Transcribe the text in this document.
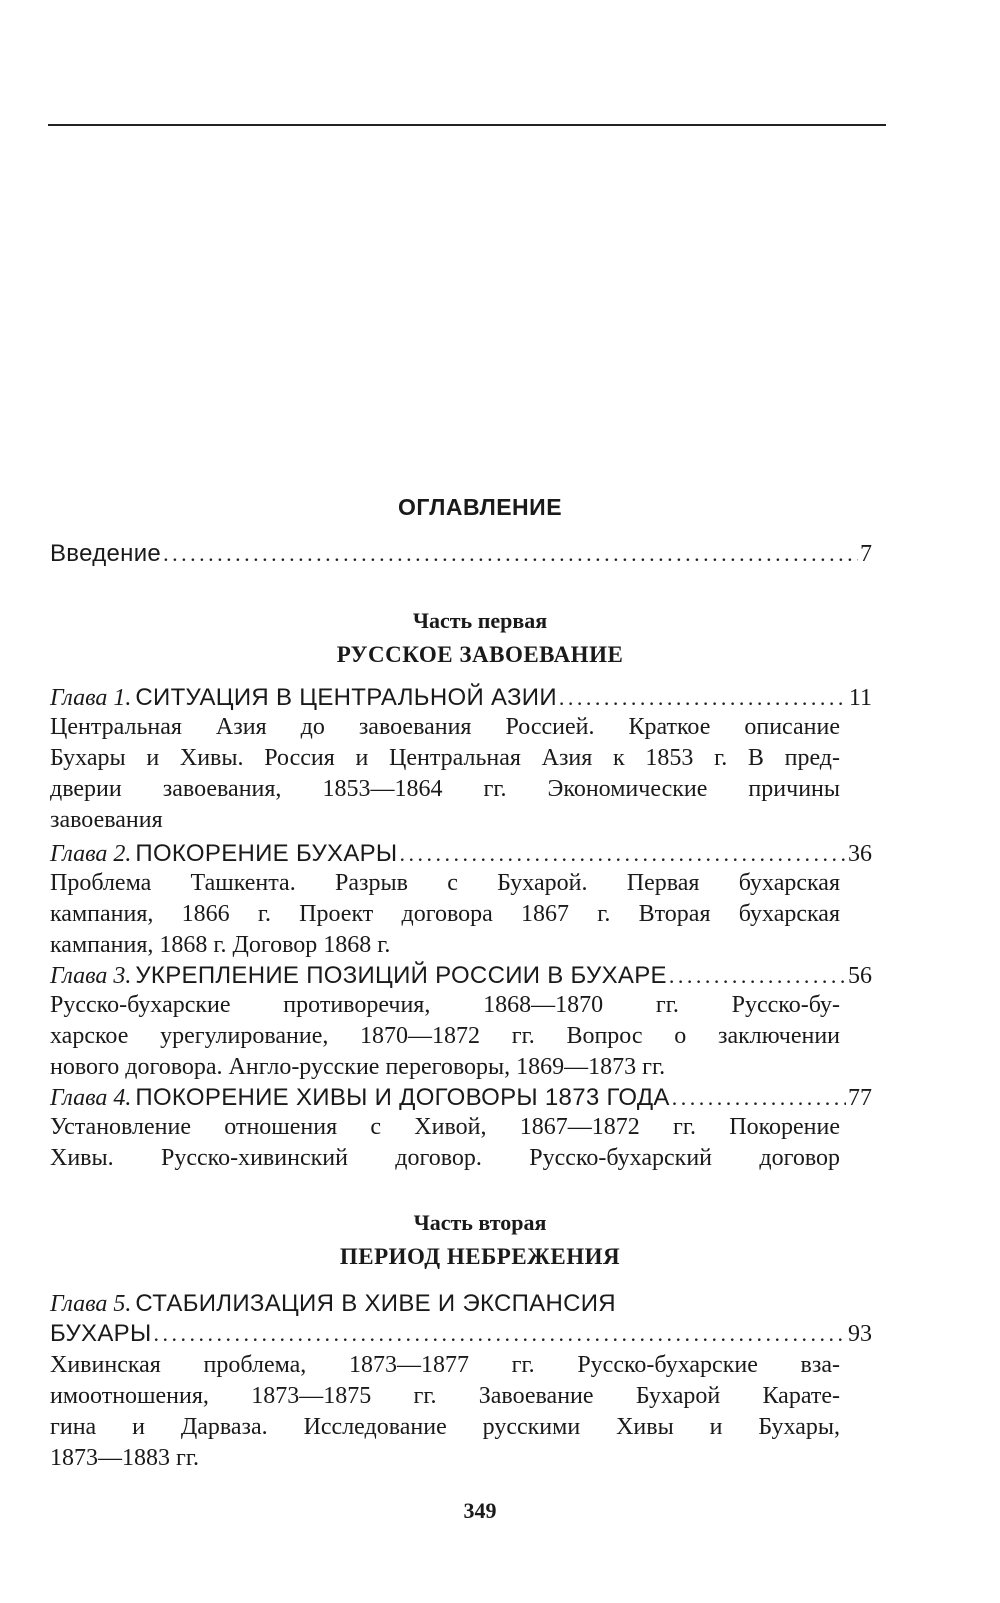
ОГЛАВЛЕНИЕ
Введение . . .	7
Часть первая
РУССКОЕ ЗАВОЕВАНИЕ
Глава 1.
СИТУАЦИЯ В ЦЕНТРАЛЬНОЙ АЗИИ . . .	11
Центральная Азия до завоевания Россией. Краткое описание
Бухары и Хивы. Россия и Центральная Азия к 1853 г. В пред-
дверии завоевания, 1853—1864 гг. Экономические причины
завоевания
Глава 2.
ПОКОРЕНИЕ БУХАРЫ . . .	36
Проблема Ташкента. Разрыв с Бухарой. Первая бухарская
кампания, 1866 г. Проект договора 1867 г. Вторая бухарская
кампания, 1868 г. Договор 1868 г.
Глава 3.
УКРЕПЛЕНИЕ ПОЗИЦИЙ РОССИИ В БУХАРЕ . . .	56
Русско-бухарские противоречия, 1868—1870 гг. Русско-бу-
харское урегулирование, 1870—1872 гг. Вопрос о заключении
нового договора. Англо-русские переговоры, 1869—1873 гг.
Глава 4.
ПОКОРЕНИЕ ХИВЫ И ДОГОВОРЫ 1873 ГОДА . . .	77
Установление отношения с Хивой, 1867—1872 гг. Покорение
Хивы. Русско-хивинский договор. Русско-бухарский договор
Часть вторая
ПЕРИОД НЕБРЕЖЕНИЯ
Глава 5. СТАБИЛИЗАЦИЯ В ХИВЕ И ЭКСПАНСИЯ
БУХАРЫ . . .	93
Хивинская проблема, 1873—1877 гг. Русско-бухарские вза-
имоотношения, 1873—1875 гг. Завоевание Бухарой Карате-
гина и Дарваза. Исследование русскими Хивы и Бухары,
1873—1883 гг.
349
